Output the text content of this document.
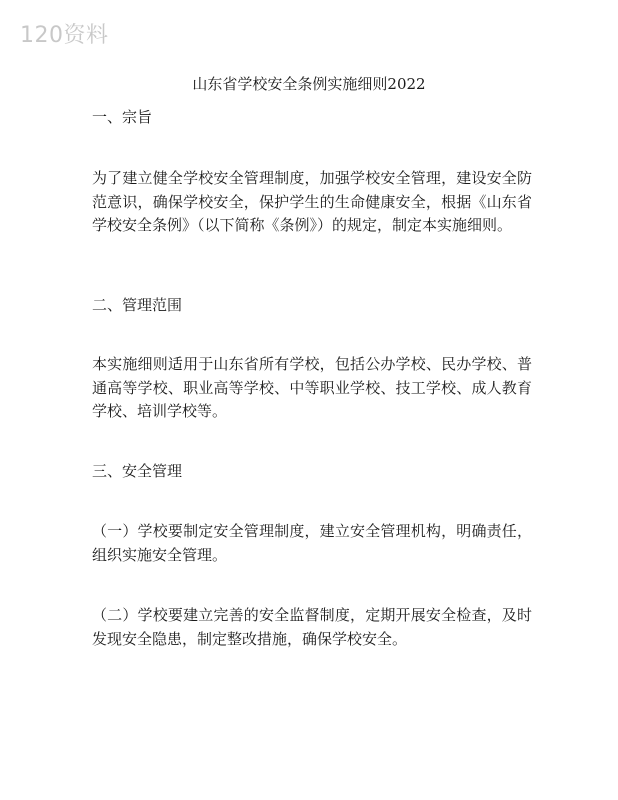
120资料
山东省学校安全条例实施细则2022
一、宗旨
为了建立健全学校安全管理制度，加强学校安全管理，建设安全防范意识，确保学校安全，保护学生的生命健康安全，根据《山东省学校安全条例》（以下简称《条例》）的规定，制定本实施细则。
二、管理范围
本实施细则适用于山东省所有学校，包括公办学校、民办学校、普通高等学校、职业高等学校、中等职业学校、技工学校、成人教育学校、培训学校等。
三、安全管理
（一）学校要制定安全管理制度，建立安全管理机构，明确责任，组织实施安全管理。
（二）学校要建立完善的安全监督制度，定期开展安全检查，及时发现安全隐患，制定整改措施，确保学校安全。
